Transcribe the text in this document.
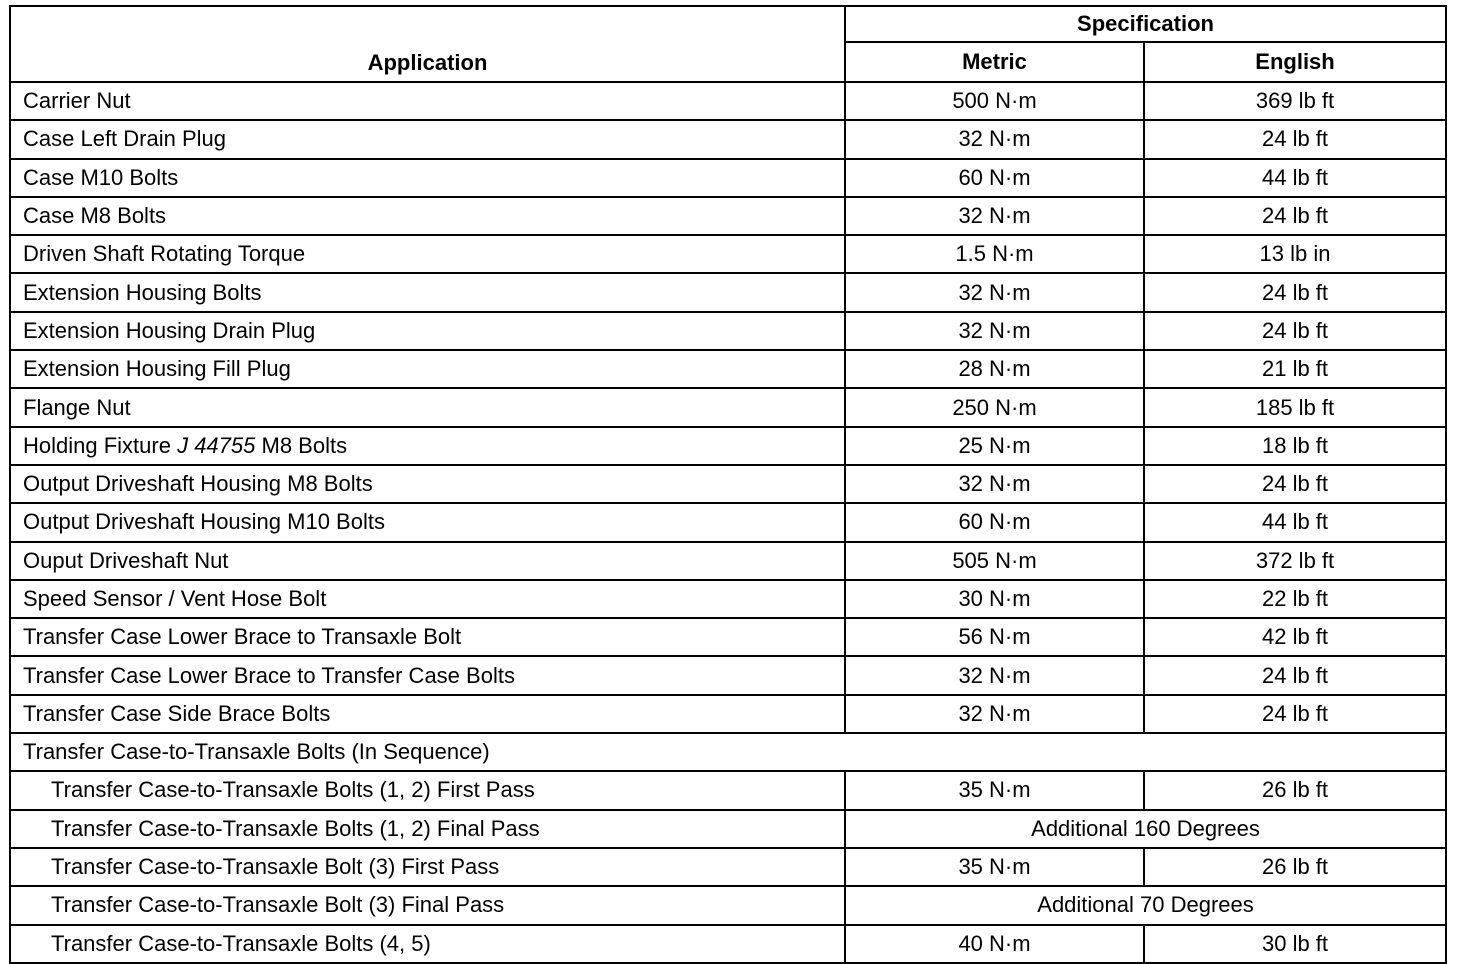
Application	Specification	
	Metric	English
Carrier Nut	500 N·m	369 lb ft
Case Left Drain Plug	32 N·m	24 lb ft
Case M10 Bolts	60 N·m	44 lb ft
Case M8 Bolts	32 N·m	24 lb ft
Driven Shaft Rotating Torque	1.5 N·m	13 lb in
Extension Housing Bolts	32 N·m	24 lb ft
Extension Housing Drain Plug	32 N·m	24 lb ft
Extension Housing Fill Plug	28 N·m	21 lb ft
Flange Nut	250 N·m	185 lb ft
Holding Fixture J 44755 M8 Bolts	25 N·m	18 lb ft
Output Driveshaft Housing M8 Bolts	32 N·m	24 lb ft
Output Driveshaft Housing M10 Bolts	60 N·m	44 lb ft
Ouput Driveshaft Nut	505 N·m	372 lb ft
Speed Sensor / Vent Hose Bolt	30 N·m	22 lb ft
Transfer Case Lower Brace to Transaxle Bolt	56 N·m	42 lb ft
Transfer Case Lower Brace to Transfer Case Bolts	32 N·m	24 lb ft
Transfer Case Side Brace Bolts	32 N·m	24 lb ft
Transfer Case-to-Transaxle Bolts (In Sequence)		
Transfer Case-to-Transaxle Bolts (1, 2) First Pass	35 N·m	26 lb ft
Transfer Case-to-Transaxle Bolts (1, 2) Final Pass	Additional 160 Degrees	
Transfer Case-to-Transaxle Bolt (3) First Pass	35 N·m	26 lb ft
Transfer Case-to-Transaxle Bolt (3) Final Pass	Additional 70 Degrees	
Transfer Case-to-Transaxle Bolts (4, 5)	40 N·m	30 lb ft
